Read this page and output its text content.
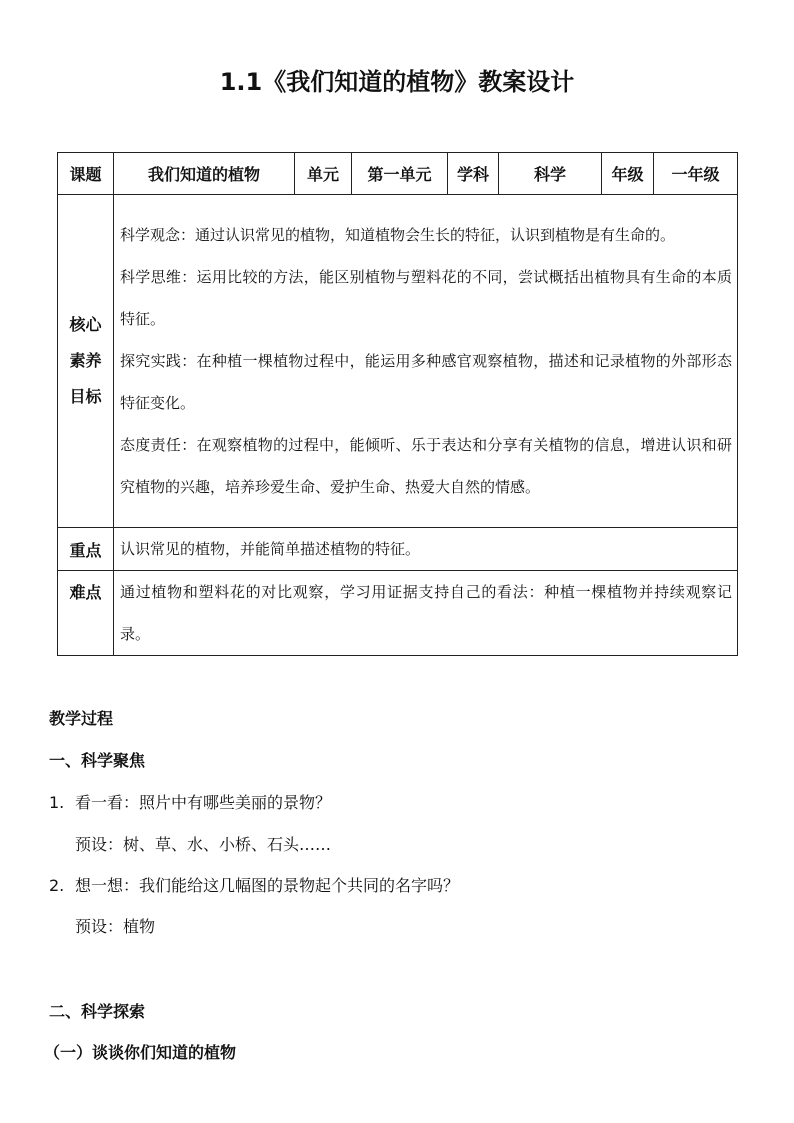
1.1《我们知道的植物》教案设计
课题	我们知道的植物	单元	第一单元	学科	科学	年级	一年级

核心
素养
目标	科学观念：通过认识常见的植物，知道植物会生长的特征，认识到植物是有生命的。
科学思维：运用比较的方法，能区别植物与塑料花的不同，尝试概括出植物具有生命的本质特征。
探究实践：在种植一棵植物过程中，能运用多种感官观察植物，描述和记录植物的外部形态特征变化。
态度责任：在观察植物的过程中，能倾听、乐于表达和分享有关植物的信息，增进认识和研究植物的兴趣，培养珍爱生命、爱护生命、热爱大自然的情感。						

重点	认识常见的植物，并能简单描述植物的特征。						
难点	通过植物和塑料花的对比观察，学习用证据支持自己的看法：种植一棵植物并持续观察记录。						
教学过程
一、科学聚焦
1. 看一看：照片中有哪些美丽的景物？
预设：树、草、水、小桥、石头……
2. 想一想：我们能给这几幅图的景物起个共同的名字吗？
预设：植物
二、科学探索
（一）谈谈你们知道的植物
